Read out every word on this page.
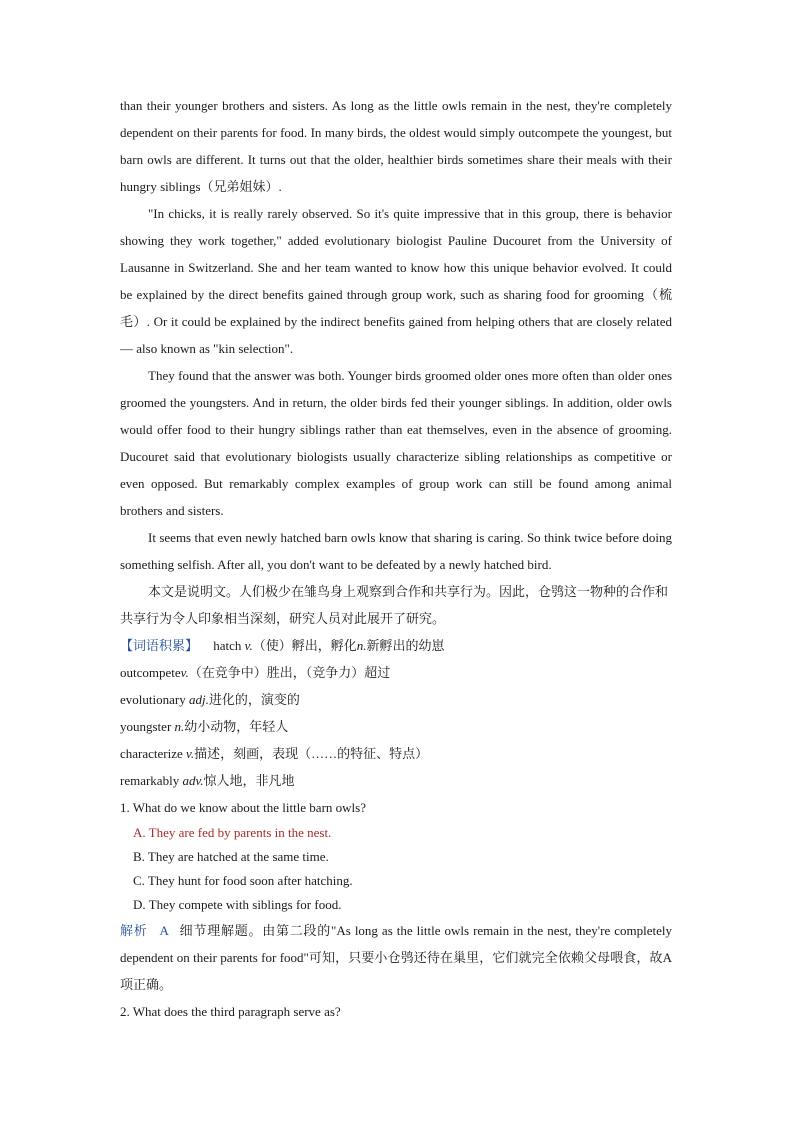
than their younger brothers and sisters. As long as the little owls remain in the nest, they're completely dependent on their parents for food. In many birds, the oldest would simply outcompete the youngest, but barn owls are different. It turns out that the older, healthier birds sometimes share their meals with their hungry siblings（兄弟姐妹）.

"In chicks, it is really rarely observed. So it's quite impressive that in this group, there is behavior showing they work together," added evolutionary biologist Pauline Ducouret from the University of Lausanne in Switzerland. She and her team wanted to know how this unique behavior evolved. It could be explained by the direct benefits gained through group work, such as sharing food for grooming（梳毛）. Or it could be explained by the indirect benefits gained from helping others that are closely related — also known as "kin selection".

They found that the answer was both. Younger birds groomed older ones more often than older ones groomed the youngsters. And in return, the older birds fed their younger siblings. In addition, older owls would offer food to their hungry siblings rather than eat themselves, even in the absence of grooming. Ducouret said that evolutionary biologists usually characterize sibling relationships as competitive or even opposed. But remarkably complex examples of group work can still be found among animal brothers and sisters.

It seems that even newly hatched barn owls know that sharing is caring. So think twice before doing something selfish. After all, you don't want to be defeated by a newly hatched bird.

本文是说明文。人们极少在雏鸟身上观察到合作和共享行为。因此，仓鸮这一物种的合作和共享行为令人印象相当深刻，研究人员对此展开了研究。

【词语积累】 hatch v.（使）孵出，孵化n.新孵出的幼崽

outcompetev.（在竞争中）胜出，（竞争力）超过

evolutionary adj.进化的，演变的

youngster n.幼小动物，年轻人

characterize v.描述，刻画，表现（……的特征、特点）

remarkably adv.惊人地，非凡地

1. What do we know about the little barn owls?

A. They are fed by parents in the nest.

B. They are hatched at the same time.

C. They hunt for food soon after hatching.

D. They compete with siblings for food.

解析 A 细节理解题。由第二段的"As long as the little owls remain in the nest, they're completely dependent on their parents for food"可知，只要小仓鸮还待在巢里，它们就完全依赖父母喂食，故A项正确。

2. What does the third paragraph serve as?
